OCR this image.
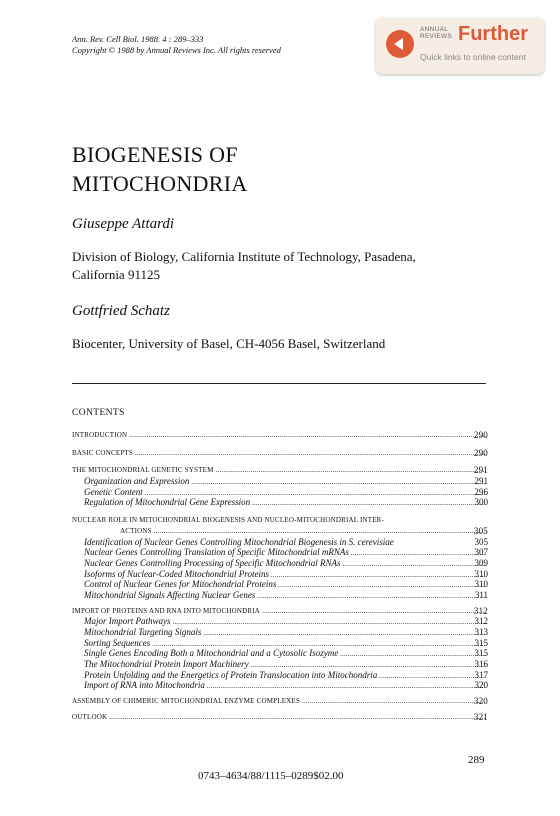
Ann. Rev. Cell Biol. 1988. 4 : 289–333
Copyright © 1988 by Annual Reviews Inc. All rights reserved
ANNUAL
REVIEWS Further
Quick links to online content
BIOGENESIS OF
MITOCHONDRIA
Giuseppe Attardi
Division of Biology, California Institute of Technology, Pasadena,
California 91125
Gottfried Schatz
Biocenter, University of Basel, CH-4056 Basel, Switzerland
CONTENTS
INTRODUCTION .....	290
BASIC CONCEPTS .....	290
THE MITOCHONDRIAL GENETIC SYSTEM .....	291
Organization and Expression .....	291
Genetic Content .....	296
Regulation of Mitochondrial Gene Expression .....	300
NUCLEAR ROLE IN MITOCHONDRIAL BIOGENESIS AND NUCLEO-MITOCHONDRIAL INTER-
ACTIONS .....	305
Identification of Nuclear Genes Controlling Mitochondrial Biogenesis in S. cerevisiae	305
Nuclear Genes Controlling Translation of Specific Mitochondrial mRNAs .....	307
Nuclear Genes Controlling Processing of Specific Mitochondrial RNAs .....	309
Isoforms of Nuclear-Coded Mitochondrial Proteins .....	310
Control of Nuclear Genes for Mitochondrial Proteins .....	310
Mitochondrial Signals Affecting Nuclear Genes .....	311
IMPORT OF PROTEINS AND RNA INTO MITOCHONDRIA .....	312
Major Import Pathways .....	312
Mitochondrial Targeting Signals .....	313
Sorting Sequences .....	315
Single Genes Encoding Both a Mitochondrial and a Cytosolic Isozyme .....	315
The Mitochondrial Protein Import Machinery .....	316
Protein Unfolding and the Energetics of Protein Translocation into Mitochondria .....	317
Import of RNA into Mitochondria .....	320
ASSEMBLY OF CHIMERIC MITOCHONDRIAL ENZYME COMPLEXES .....	320
OUTLOOK .....	321
289
0743–4634/88/1115–0289$02.00
